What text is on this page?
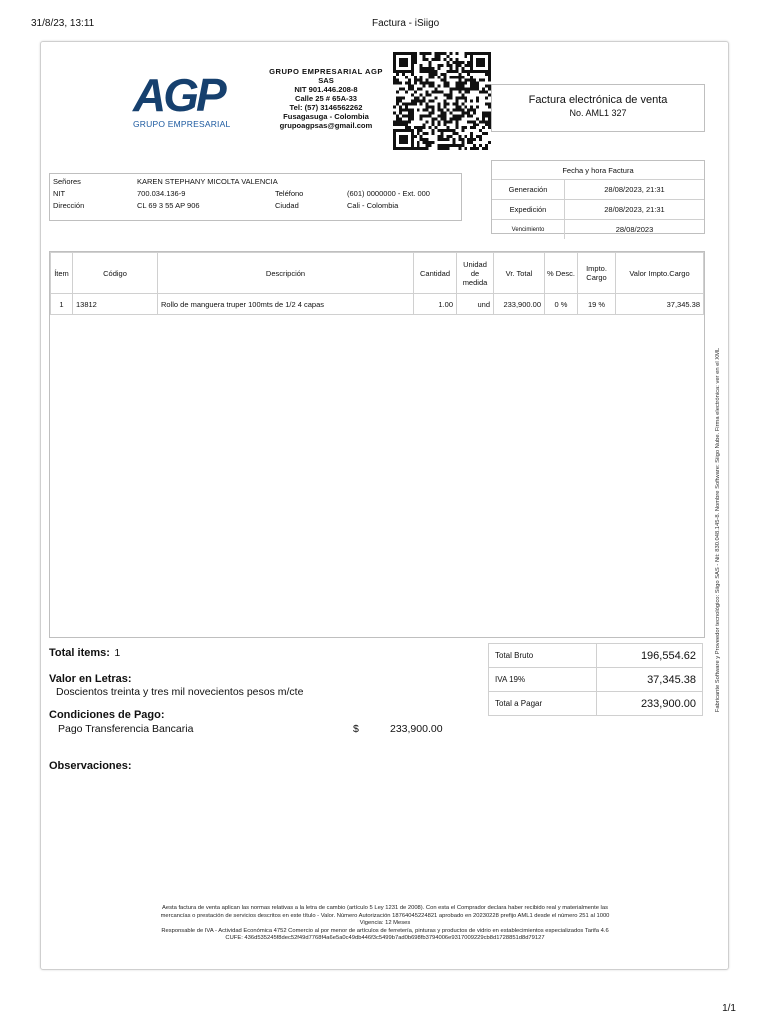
31/8/23, 13:11	Factura - iSiigo
1/1
AGP
GRUPO EMPRESARIAL
GRUPO EMPRESARIAL AGP
SAS
NIT 901.446.208-8
Calle 25 # 65A-33
Tel: (57) 3146562262
Fusagasuga - Colombia
grupoagpsas@gmail.com
Factura electrónica de venta
No. AML1 327
Señores	KAREN STEPHANY MICOLTA VALENCIA		
NIT	700.034.136-9	Teléfono	(601) 0000000 - Ext. 000
Dirección	CL 69 3 55 AP 906	Ciudad	Cali - Colombia
Fecha y hora Factura	
Generación	28/08/2023, 21:31
Expedición	28/08/2023, 21:31
Vencimiento	28/08/2023
Ítem	Código	Descripción	Cantidad	Unidad de medida	Vr. Total	% Desc.	Impto. Cargo	Valor Impto.Cargo
1	13812	Rollo de manguera truper 100mts de 1/2 4 capas	1.00	und	233,900.00	0 %	19 %	37,345.38
Total items: 1
Valor en Letras:
Doscientos treinta y tres mil novecientos pesos m/cte
Condiciones de Pago:
Pago Transferencia Bancaria	$	233,900.00
Observaciones:
Total Bruto	196,554.62
IVA 19%	37,345.38
Total a Pagar	233,900.00	Fabricante Software y Proveedor tecnológico: Siigo SAS - Nit: 830.048.145-8. Nombre Software: Siigo Nube. Firma electrónica: ver en el XML
Aesta factura de venta aplican las normas relativas a la letra de cambio (artículo 5 Ley 1231 de 2008). Con esta el Comprador declara haber recibido real y materialmente las
mercancías o prestación de servicios descritos en este título - Valor. Número Autorización 18764045224821 aprobado en 20230228 prefijo AML1 desde el número 251 al 1000
Vigencia: 12 Meses
Responsable de IVA - Actividad Económica 4752 Comercio al por menor de artículos de ferretería, pinturas y productos de vidrio en establecimientos especializados Tarifa 4.6
CUFE: 436d535245f8dec52f49d7768f4a6e5a0c49db446f3c5499b7ad0b698fb3794006e9317009229cb8d1728851d8d79127
